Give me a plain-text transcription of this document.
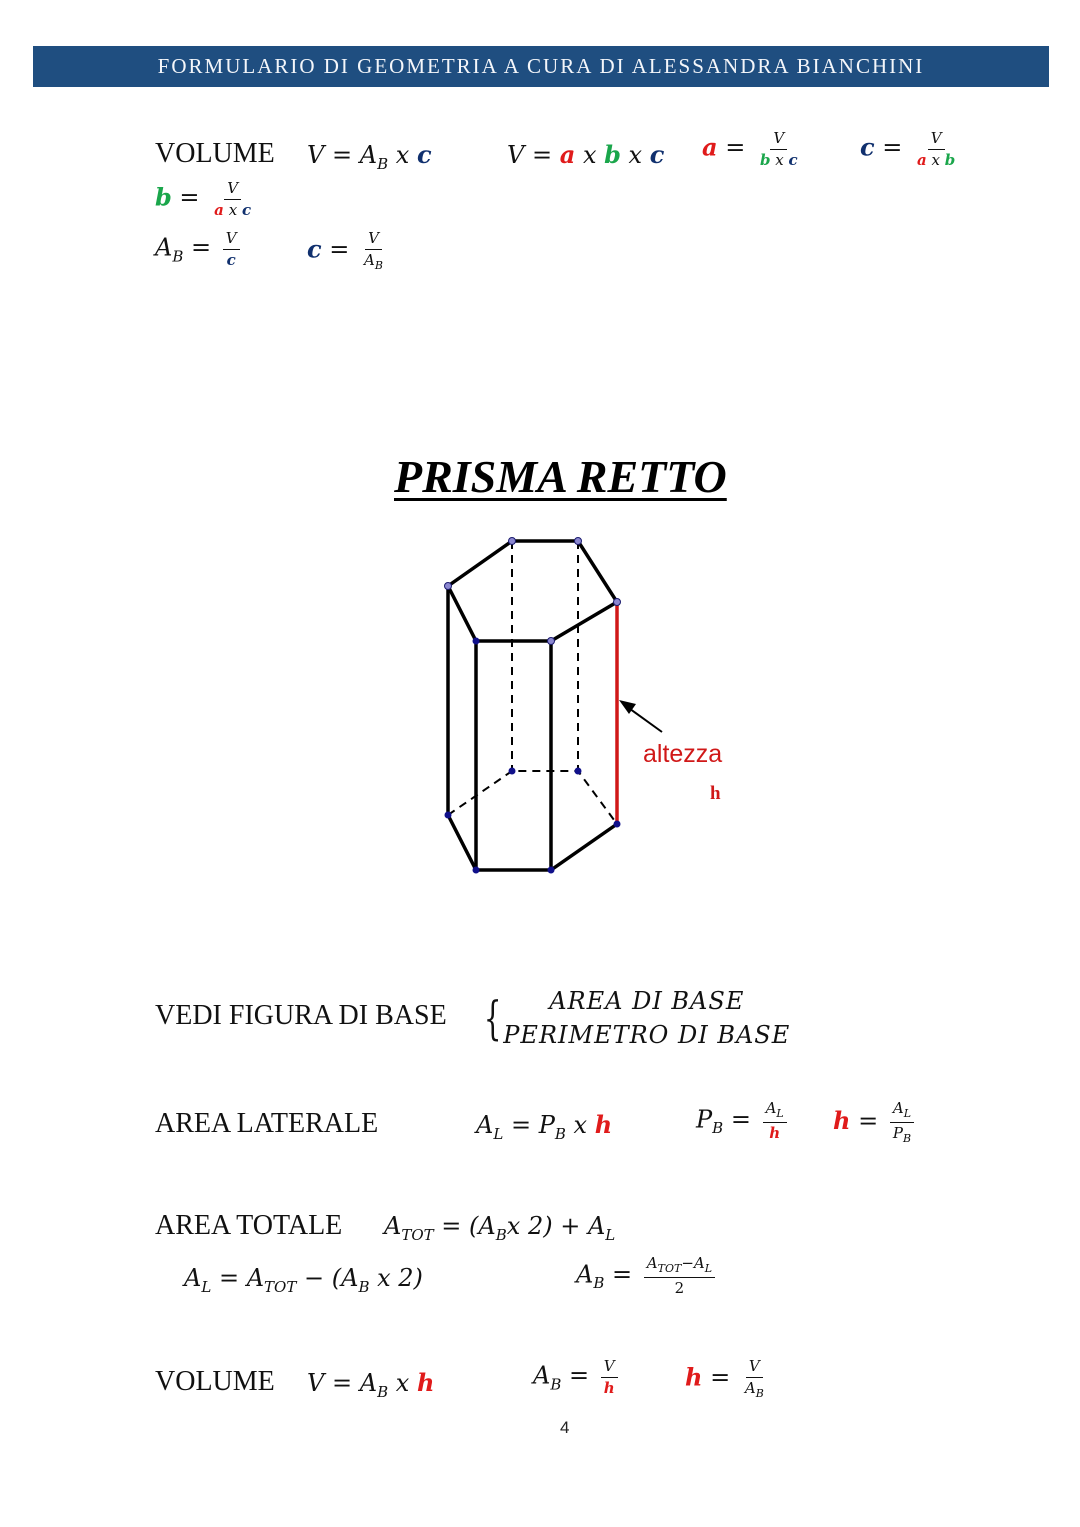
FORMULARIO DI GEOMETRIA A CURA DI ALESSANDRA BIANCHINI
VOLUME $V = A_B$ x c	V = a x b x c $a = \frac{V}{\text{b x c}}$ $c = \frac{V}{\text{a x b}}$
$b = \frac{V}{\text{a x c}}$
$A_B = \frac{V}{c}$	$c = \frac{V}{A_B}$
PRISMA RETTO
altezza
h
VEDI FIGURA DI BASE { AREA DI BASE
PERIMETRO DI BASE
AREA LATERALE	$A_L = P_B$ x h	$P_B = \frac{A_L}{h}$ $h = \frac{A_L}{P_B}$
AREA TOTALE $A_{TOT} = (A_Bx$ $2) + A_L$
$A_L = A_{TOT} - (A_B$ x 2)	$A_B = \frac{A_{TOT}-A_L}{2}$
VOLUME $V = A_B$ x h	$A_B = \frac{V}{h}$	$h = \frac{V}{A_B}$
4
